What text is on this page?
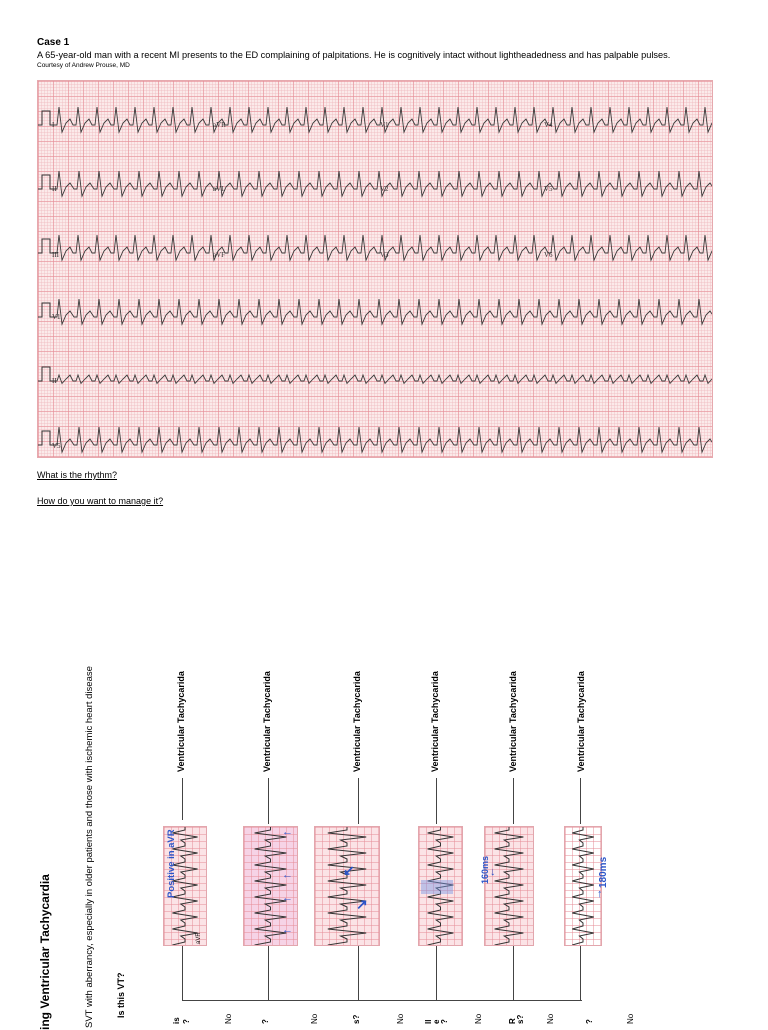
Case 1
A 65-year-old man with a recent MI presents to the ED complaining of palpitations. He is cognitively intact without lightheadedness and has palpable pulses.
Courtesy of Andrew Prouse, MD
I	aVR	V1	V4
II	aVL	V2	V5
III	aVF	V3	V6
V1
II
V5
What is the rhythm?
How do you want to manage it?
ing Ventricular Tachycardia	SVT with aberrancy, especially in older patients and those with ischemic heart disease Is this VT?
Ventricular Tachycarida	Ventricular Tachycarida	Ventricular Tachycarida	Ventricular Tachycarida	Ventricular Tachycarida	Ventricular Tachycarida
Positive in aVR
aVR
160ms	180ms
←
←
←
←
↙
↗
↓
↑
No	No	No	No	No	No
is ?	?	s?	ll e ?	R s?	?
